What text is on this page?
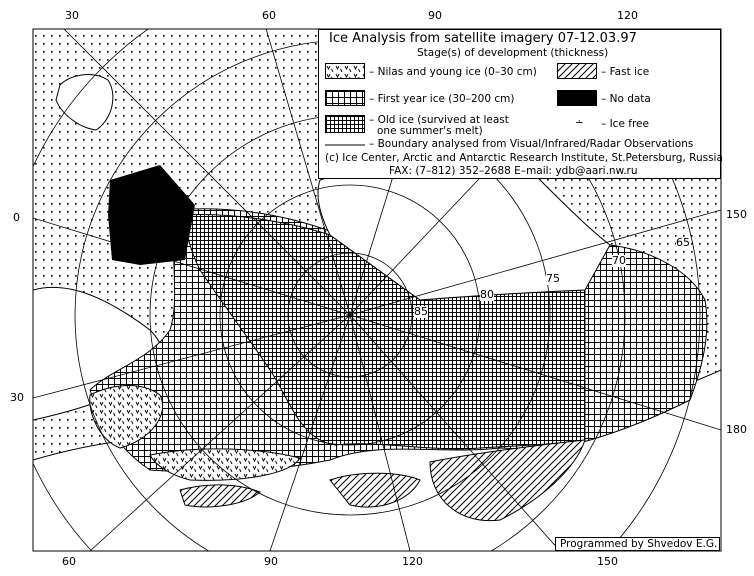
30	60	90	120
60	90	120	150
0
30
150
180
65
70
75
80
85
Ice Analysis from satellite imagery 07-12.03.97
Stage(s) of development (thickness)
– Nilas and young ice (0–30 cm)	– Fast ice
– First year ice (30–200 cm)	– No data
– Old ice (survived at least
one summer's melt)
∸ – Ice free
– Boundary analysed from Visual/Infrared/Radar Observations
(c) Ice Center, Arctic and Antarctic Research Institute, St.Petersburg, Russia
FAX: (7–812) 352–2688 E–mail: ydb@aari.nw.ru
Programmed by Shvedov E.G.
